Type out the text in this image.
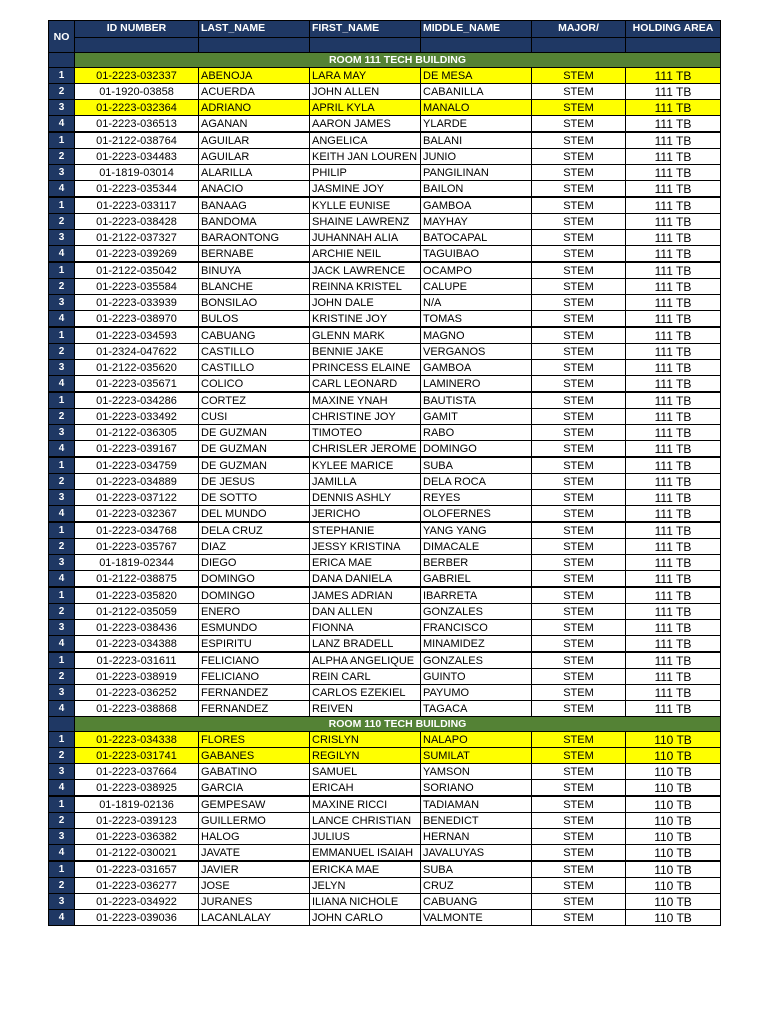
NO	ID NUMBER	LAST_NAME	FIRST_NAME	MIDDLE_NAME	MAJOR/	HOLDING AREA

	ROOM 111 TECH BUILDING					
1	01-2223-032337	ABENOJA	LARA MAY	DE MESA	STEM	111 TB
2	01-1920-03858	ACUERDA	JOHN ALLEN	CABANILLA	STEM	111 TB
3	01-2223-032364	ADRIANO	APRIL KYLA	MANALO	STEM	111 TB
4	01-2223-036513	AGANAN	AARON JAMES	YLARDE	STEM	111 TB
1	01-2122-038764	AGUILAR	ANGELICA	BALANI	STEM	111 TB
2	01-2223-034483	AGUILAR	KEITH JAN LOUREN	JUNIO	STEM	111 TB
3	01-1819-03014	ALARILLA	PHILIP	PANGILINAN	STEM	111 TB
4	01-2223-035344	ANACIO	JASMINE JOY	BAILON	STEM	111 TB
1	01-2223-033117	BANAAG	KYLLE EUNISE	GAMBOA	STEM	111 TB
2	01-2223-038428	BANDOMA	SHAINE LAWRENZ	MAYHAY	STEM	111 TB
3	01-2122-037327	BARAONTONG	JUHANNAH ALIA	BATOCAPAL	STEM	111 TB
4	01-2223-039269	BERNABE	ARCHIE NEIL	TAGUIBAO	STEM	111 TB
1	01-2122-035042	BINUYA	JACK LAWRENCE	OCAMPO	STEM	111 TB
2	01-2223-035584	BLANCHE	REINNA KRISTEL	CALUPE	STEM	111 TB
3	01-2223-033939	BONSILAO	JOHN DALE	N/A	STEM	111 TB
4	01-2223-038970	BULOS	KRISTINE JOY	TOMAS	STEM	111 TB
1	01-2223-034593	CABUANG	GLENN MARK	MAGNO	STEM	111 TB
2	01-2324-047622	CASTILLO	BENNIE JAKE	VERGANOS	STEM	111 TB
3	01-2122-035620	CASTILLO	PRINCESS ELAINE	GAMBOA	STEM	111 TB
4	01-2223-035671	COLICO	CARL LEONARD	LAMINERO	STEM	111 TB
1	01-2223-034286	CORTEZ	MAXINE YNAH	BAUTISTA	STEM	111 TB
2	01-2223-033492	CUSI	CHRISTINE JOY	GAMIT	STEM	111 TB
3	01-2122-036305	DE GUZMAN	TIMOTEO	RABO	STEM	111 TB
4	01-2223-039167	DE GUZMAN	CHRISLER JEROME	DOMINGO	STEM	111 TB
1	01-2223-034759	DE GUZMAN	KYLEE MARICE	SUBA	STEM	111 TB
2	01-2223-034889	DE JESUS	JAMILLA	DELA ROCA	STEM	111 TB
3	01-2223-037122	DE SOTTO	DENNIS ASHLY	REYES	STEM	111 TB
4	01-2223-032367	DEL MUNDO	JERICHO	OLOFERNES	STEM	111 TB
1	01-2223-034768	DELA CRUZ	STEPHANIE	YANG YANG	STEM	111 TB
2	01-2223-035767	DIAZ	JESSY KRISTINA	DIMACALE	STEM	111 TB
3	01-1819-02344	DIEGO	ERICA MAE	BERBER	STEM	111 TB
4	01-2122-038875	DOMINGO	DANA DANIELA	GABRIEL	STEM	111 TB
1	01-2223-035820	DOMINGO	JAMES ADRIAN	IBARRETA	STEM	111 TB
2	01-2122-035059	ENERO	DAN ALLEN	GONZALES	STEM	111 TB
3	01-2223-038436	ESMUNDO	FIONNA	FRANCISCO	STEM	111 TB
4	01-2223-034388	ESPIRITU	LANZ BRADELL	MINAMIDEZ	STEM	111 TB
1	01-2223-031611	FELICIANO	ALPHA ANGELIQUE	GONZALES	STEM	111 TB
2	01-2223-038919	FELICIANO	REIN CARL	GUINTO	STEM	111 TB
3	01-2223-036252	FERNANDEZ	CARLOS EZEKIEL	PAYUMO	STEM	111 TB
4	01-2223-038868	FERNANDEZ	REIVEN	TAGACA	STEM	111 TB
	ROOM 110 TECH BUILDING					
1	01-2223-034338	FLORES	CRISLYN	NALAPO	STEM	110 TB
2	01-2223-031741	GABANES	REGILYN	SUMILAT	STEM	110 TB
3	01-2223-037664	GABATINO	SAMUEL	YAMSON	STEM	110 TB
4	01-2223-038925	GARCIA	ERICAH	SORIANO	STEM	110 TB
1	01-1819-02136	GEMPESAW	MAXINE RICCI	TADIAMAN	STEM	110 TB
2	01-2223-039123	GUILLERMO	LANCE CHRISTIAN	BENEDICT	STEM	110 TB
3	01-2223-036382	HALOG	JULIUS	HERNAN	STEM	110 TB
4	01-2122-030021	JAVATE	EMMANUEL ISAIAH	JAVALUYAS	STEM	110 TB
1	01-2223-031657	JAVIER	ERICKA MAE	SUBA	STEM	110 TB
2	01-2223-036277	JOSE	JELYN	CRUZ	STEM	110 TB
3	01-2223-034922	JURANES	ILIANA NICHOLE	CABUANG	STEM	110 TB
4	01-2223-039036	LACANLALAY	JOHN CARLO	VALMONTE	STEM	110 TB
